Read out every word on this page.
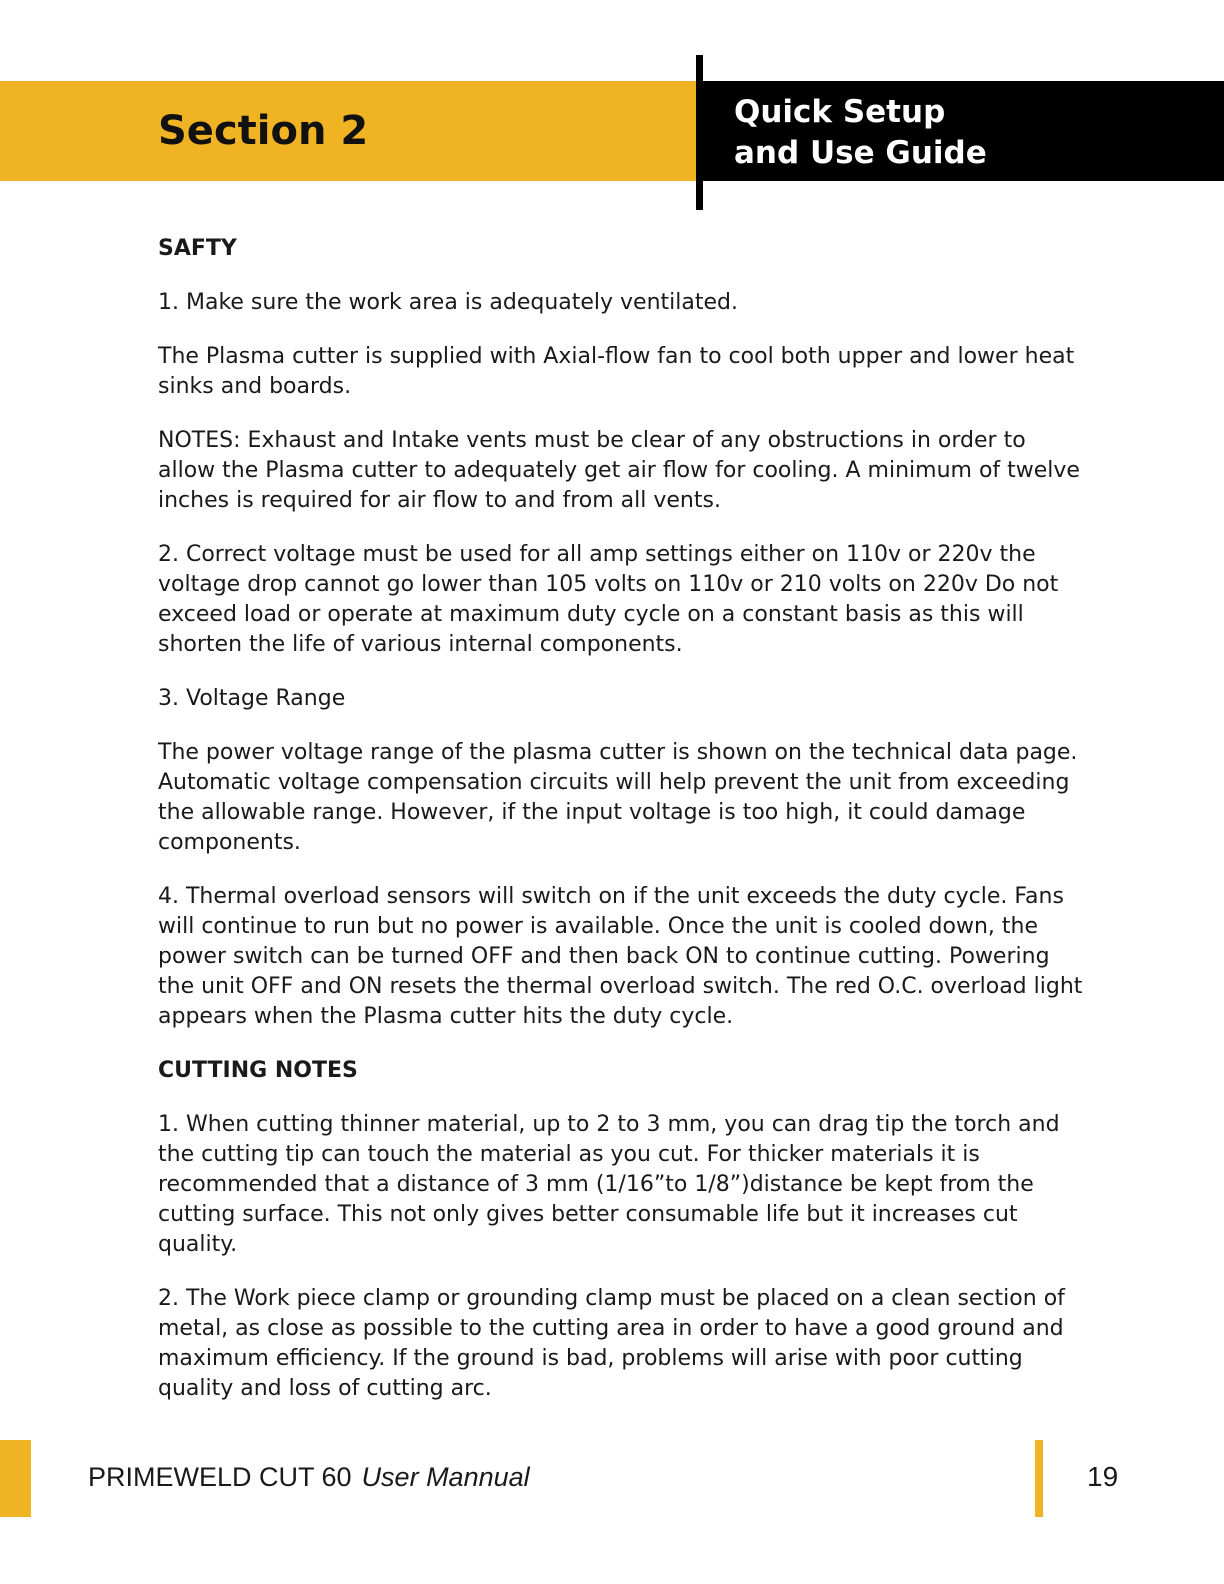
Section 2	Quick Setup
and Use Guide

SAFTY

1. Make sure the work area is adequately ventilated.

The Plasma cutter is supplied with Axial-flow fan to cool both upper and lower heat sinks and boards.

NOTES: Exhaust and Intake vents must be clear of any obstructions in order to allow the Plasma cutter to adequately get air flow for cooling. A minimum of twelve inches is required for air flow to and from all vents.

2. Correct voltage must be used for all amp settings either on 110v or 220v the voltage drop cannot go lower than 105 volts on 110v or 210 volts on 220v Do not exceed load or operate at maximum duty cycle on a constant basis as this will shorten the life of various internal components.

3. Voltage Range

The power voltage range of the plasma cutter is shown on the technical data page. Automatic voltage compensation circuits will help prevent the unit from exceeding the allowable range. However, if the input voltage is too high, it could damage components.

4. Thermal overload sensors will switch on if the unit exceeds the duty cycle. Fans will continue to run but no power is available. Once the unit is cooled down, the power switch can be turned OFF and then back ON to continue cutting. Powering the unit OFF and ON resets the thermal overload switch. The red O.C. overload light appears when the Plasma cutter hits the duty cycle.

CUTTING NOTES

1. When cutting thinner material, up to 2 to 3 mm, you can drag tip the torch and the cutting tip can touch the material as you cut. For thicker materials it is recommended that a distance of 3 mm (1/16”to 1/8”)distance be kept from the cutting surface. This not only gives better consumable life but it increases cut quality.

2. The Work piece clamp or grounding clamp must be placed on a clean section of metal, as close as possible to the cutting area in order to have a good ground and maximum efficiency. If the ground is bad, problems will arise with poor cutting quality and loss of cutting arc.

PRIMEWELD CUT 60 User Mannual	19
